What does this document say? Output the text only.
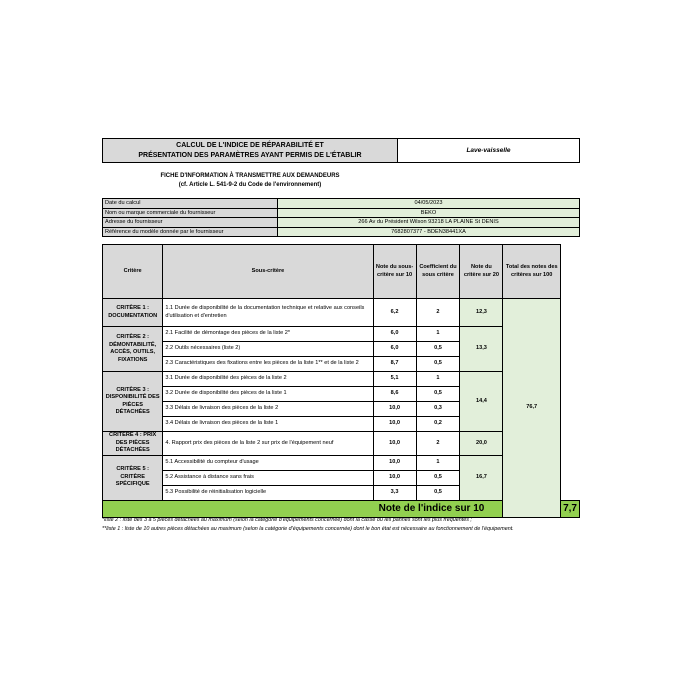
CALCUL DE L'INDICE DE RÉPARABILITÉ ET
PRÉSENTATION DES PARAMÈTRES AYANT PERMIS DE L'ÉTABLIR
Lave-vaisselle
FICHE D'INFORMATION À TRANSMETTRE AUX DEMANDEURS
(cf. Article L. 541-9-2 du Code de l'environnement)
Date du calcul	04/05/2023
Nom ou marque commerciale du fournisseur	BEKO
Adresse du fournisseur	266 Av du Président Wilson 93218 LA PLAINE St DENIS
Référence du modèle donnée par le fournisseur	7682807377 - BDEN38441XA
Critère	Sous-critère	Note du sous-critère sur 10	Coefficient du sous critère	Note du critère sur 20	Total des notes des critères sur 100	
CRITÈRE 1 : DOCUMENTATION	1.1 Durée de disponibilité de la documentation technique et relative aux conseils d'utilisation et d'entretien	6,2	2	12,3	76,7	
CRITÈRE 2 : DÉMONTABILITÉ, ACCÈS, OUTILS, FIXATIONS	2.1 Facilité de démontage des pièces de la liste 2*	6,0	1	13,3		
	2.2 Outils nécessaires (liste 2)	6,0	0,5			
	2.3 Caractéristiques des fixations entre les pièces de la liste 1** et de la liste 2	8,7	0,5			
CRITÈRE 3 : DISPONIBILITÉ DES PIÈCES DÉTACHÉES	3.1 Durée de disponibilité des pièces de la liste 2	5,1	1	14,4		
	3.2 Durée de disponibilité des pièces de la liste 1	8,6	0,5			
	3.3 Délais de livraison des pièces de la liste 2	10,0	0,3			
	3.4 Délais de livraison des pièces de la liste 1	10,0	0,2			
CRITÈRE 4 : PRIX DES PIÈCES DÉTACHÉES	4. Rapport prix des pièces de la liste 2 sur prix de l'équipement neuf	10,0	2	20,0		
CRITÈRE 5 : CRITÈRE SPÉCIFIQUE	5.1 Accessibilité du compteur d'usage	10,0	1	16,7		
	5.2 Assistance à distance sans frais	10,0	0,5			
	5.3 Possibilité de réinitialisation logicielle	3,3	0,5			
Note de l'indice sur 10						7,7
*liste 2 : liste des 3 à 5 pièces détachées au maximum (selon la catégorie d'équipements concernée) dont la casse ou les pannes sont les plus fréquentes ;
**liste 1 : liste de 10 autres pièces détachées au maximum (selon la catégorie d'équipements concernée) dont le bon état est nécessaire au fonctionnement de l'équipement.
